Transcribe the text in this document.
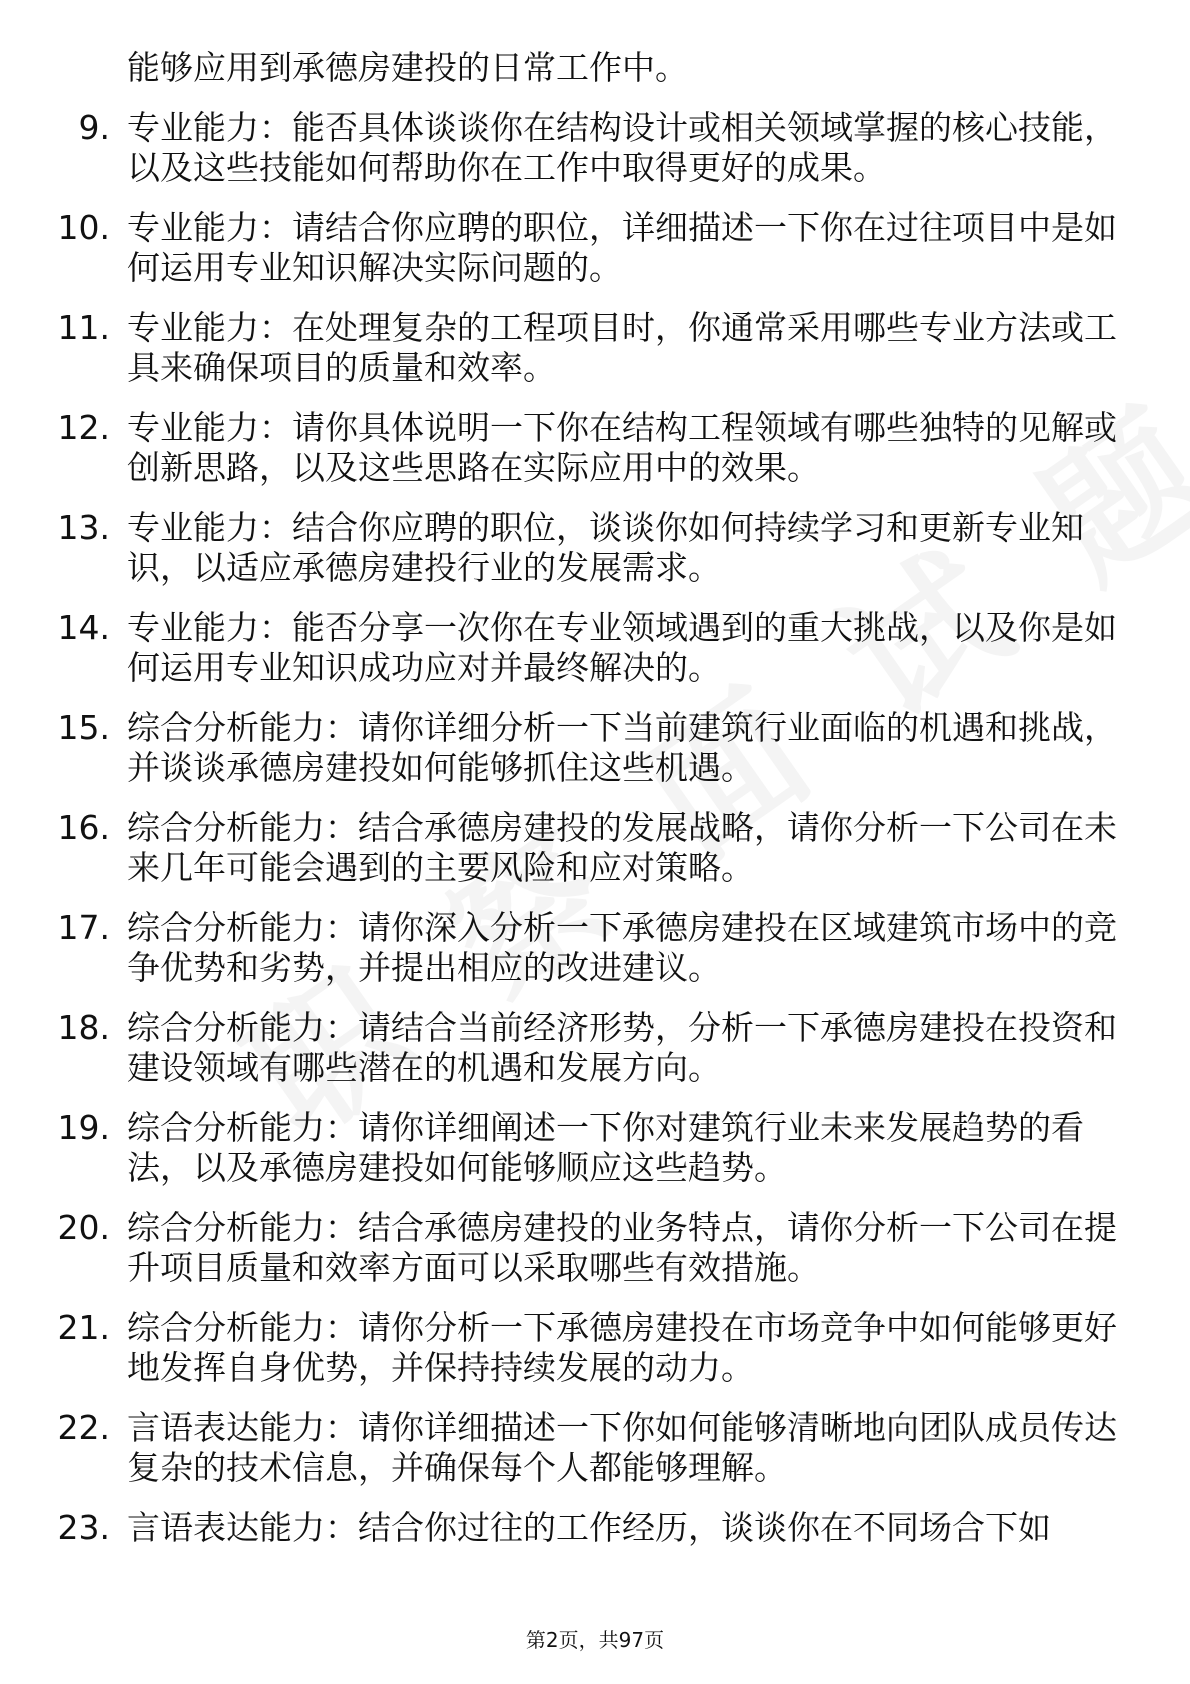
能够应用到承德房建投的日常工作中。
9. 专业能力：能否具体谈谈你在结构设计或相关领域掌握的核心技能，以及这些技能如何帮助你在工作中取得更好的成果。
10. 专业能力：请结合你应聘的职位，详细描述一下你在过往项目中是如何运用专业知识解决实际问题的。
11. 专业能力：在处理复杂的工程项目时，你通常采用哪些专业方法或工具来确保项目的质量和效率。
12. 专业能力：请你具体说明一下你在结构工程领域有哪些独特的见解或创新思路，以及这些思路在实际应用中的效果。
13. 专业能力：结合你应聘的职位，谈谈你如何持续学习和更新专业知识，以适应承德房建投行业的发展需求。
14. 专业能力：能否分享一次你在专业领域遇到的重大挑战，以及你是如何运用专业知识成功应对并最终解决的。
15. 综合分析能力：请你详细分析一下当前建筑行业面临的机遇和挑战，并谈谈承德房建投如何能够抓住这些机遇。
16. 综合分析能力：结合承德房建投的发展战略，请你分析一下公司在未来几年可能会遇到的主要风险和应对策略。
17. 综合分析能力：请你深入分析一下承德房建投在区域建筑市场中的竞争优势和劣势，并提出相应的改进建议。
18. 综合分析能力：请结合当前经济形势，分析一下承德房建投在投资和建设领域有哪些潜在的机遇和发展方向。
19. 综合分析能力：请你详细阐述一下你对建筑行业未来发展趋势的看法，以及承德房建投如何能够顺应这些趋势。
20. 综合分析能力：结合承德房建投的业务特点，请你分析一下公司在提升项目质量和效率方面可以采取哪些有效措施。
21. 综合分析能力：请你分析一下承德房建投在市场竞争中如何能够更好地发挥自身优势，并保持持续发展的动力。
22. 言语表达能力：请你详细描述一下你如何能够清晰地向团队成员传达复杂的技术信息，并确保每个人都能够理解。
23. 言语表达能力：结合你过往的工作经历，谈谈你在不同场合下如
第2页，共97页
